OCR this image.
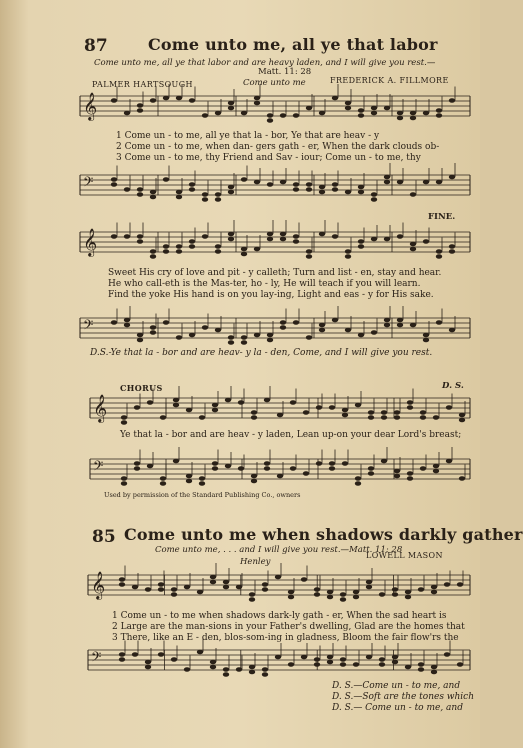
𝄞
𝄢
𝄞
𝄢
𝄞
𝄢
𝄞
𝄢
87	Come unto me, all ye that labor
Come unto me, all ye that labor and are heavy laden, and I will give you rest.—
Matt. 11: 28
PALMER HARTSOUGH	Come unto me	FREDERICK A. FILLMORE
1 Come un - to me, all ye that la - bor, Ye that are heav - y
2 Come un - to me, when dan- gers gath - er, When the dark clouds ob-
3 Come un - to me, thy Friend and Sav - iour; Come un - to me, thy
FINE.
Sweet His cry of love and pit - y calleth; Turn and list - en, stay and hear.
He who call-eth is the Mas-ter, ho - ly, He will teach if you will learn.
Find the yoke His hand is on you lay-ing, Light and eas - y for His sake.
D.S.-Ye that la - bor and are heav- y la - den, Come, and I will give you rest.
CHORUS	D. S.
Ye that la - bor and are heav - y laden, Lean up-on your dear Lord's breast;
Used by permission of the Standard Publishing Co., owners
85 Come unto me when shadows darkly gather
Come unto me, . . . and I will give you rest.—Matt. 11: 28
Henley
LOWELL MASON
1 Come un - to me when shadows dark-ly gath - er, When the sad heart is
2 Large are the man-sions in your Father's dwelling, Glad are the homes that
3 There, like an E - den, blos-som-ing in gladness, Bloom the fair flow'rs the
D. S.—Come un - to me, and
D. S.—Soft are the tones which
D. S.— Come un - to me, and
